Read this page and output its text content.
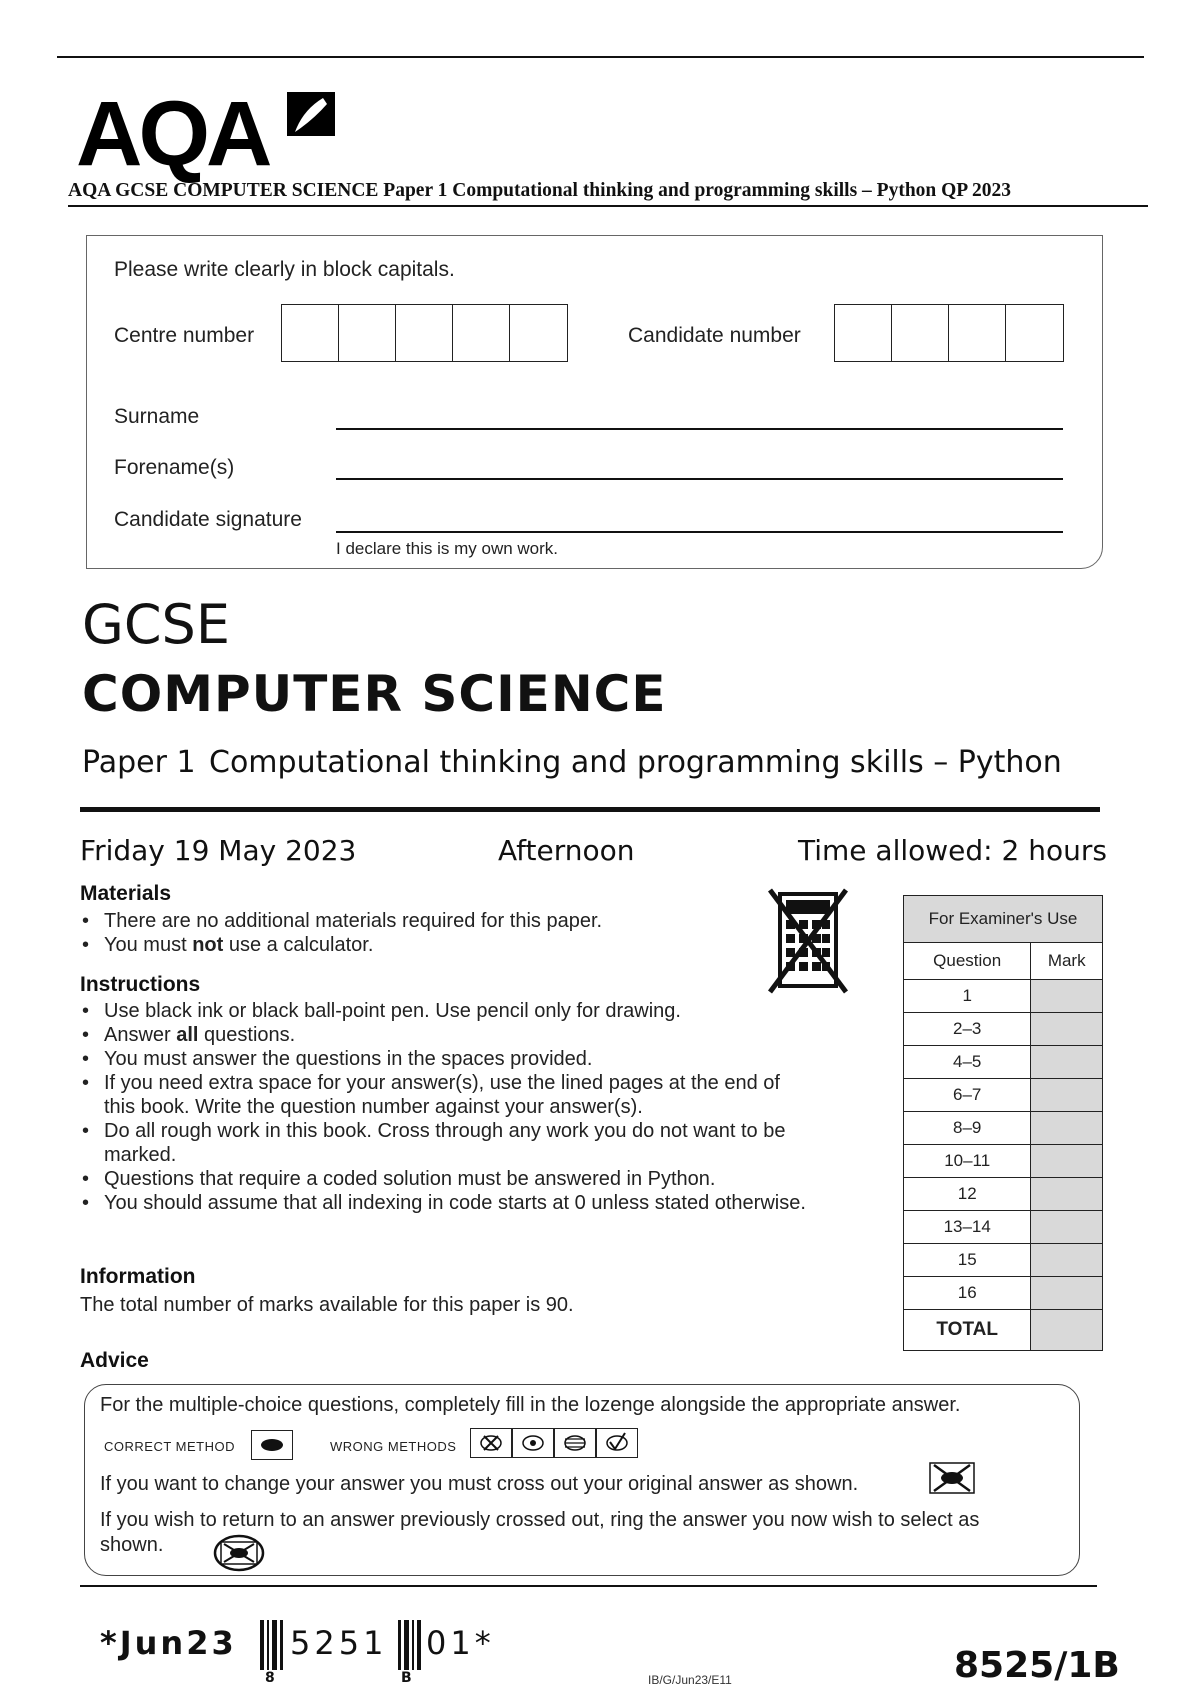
AQA
AQA GCSE COMPUTER SCIENCE Paper 1 Computational thinking and programming skills – Python QP 2023
Please write clearly in block capitals.
Centre number	Candidate number
Surname
Forename(s)
Candidate signature
I declare this is my own work.
GCSE
COMPUTER SCIENCE
Paper 1 Computational thinking and programming skills – Python
Friday 19 May 2023	Afternoon	Time allowed: 2 hours
Materials
• There are no additional materials required for this paper.
• You must not use a calculator.
Instructions
• Use black ink or black ball-point pen. Use pencil only for drawing.
• Answer all questions.
• You must answer the questions in the spaces provided.
• If you need extra space for your answer(s), use the lined pages at the end of this book. Write the question number against your answer(s).
• Do all rough work in this book. Cross through any work you do not want to be marked.
• Questions that require a coded solution must be answered in Python.
• You should assume that all indexing in code starts at 0 unless stated otherwise.
Information
The total number of marks available for this paper is 90.
For Examiner's Use	
Question	Mark
1	
2–3	
4–5	
6–7	
8–9	
10–11	
12	
13–14	
15	
16	
TOTAL	
Advice
For the multiple-choice questions, completely fill in the lozenge alongside the appropriate answer.
CORRECT METHOD	WRONG METHODS
If you want to change your answer you must cross out your original answer as shown.
If you wish to return to an answer previously crossed out, ring the answer you now wish to select as shown.
*Jun23
8
5251
B
01*
IB/G/Jun23/E11	8525/1B
